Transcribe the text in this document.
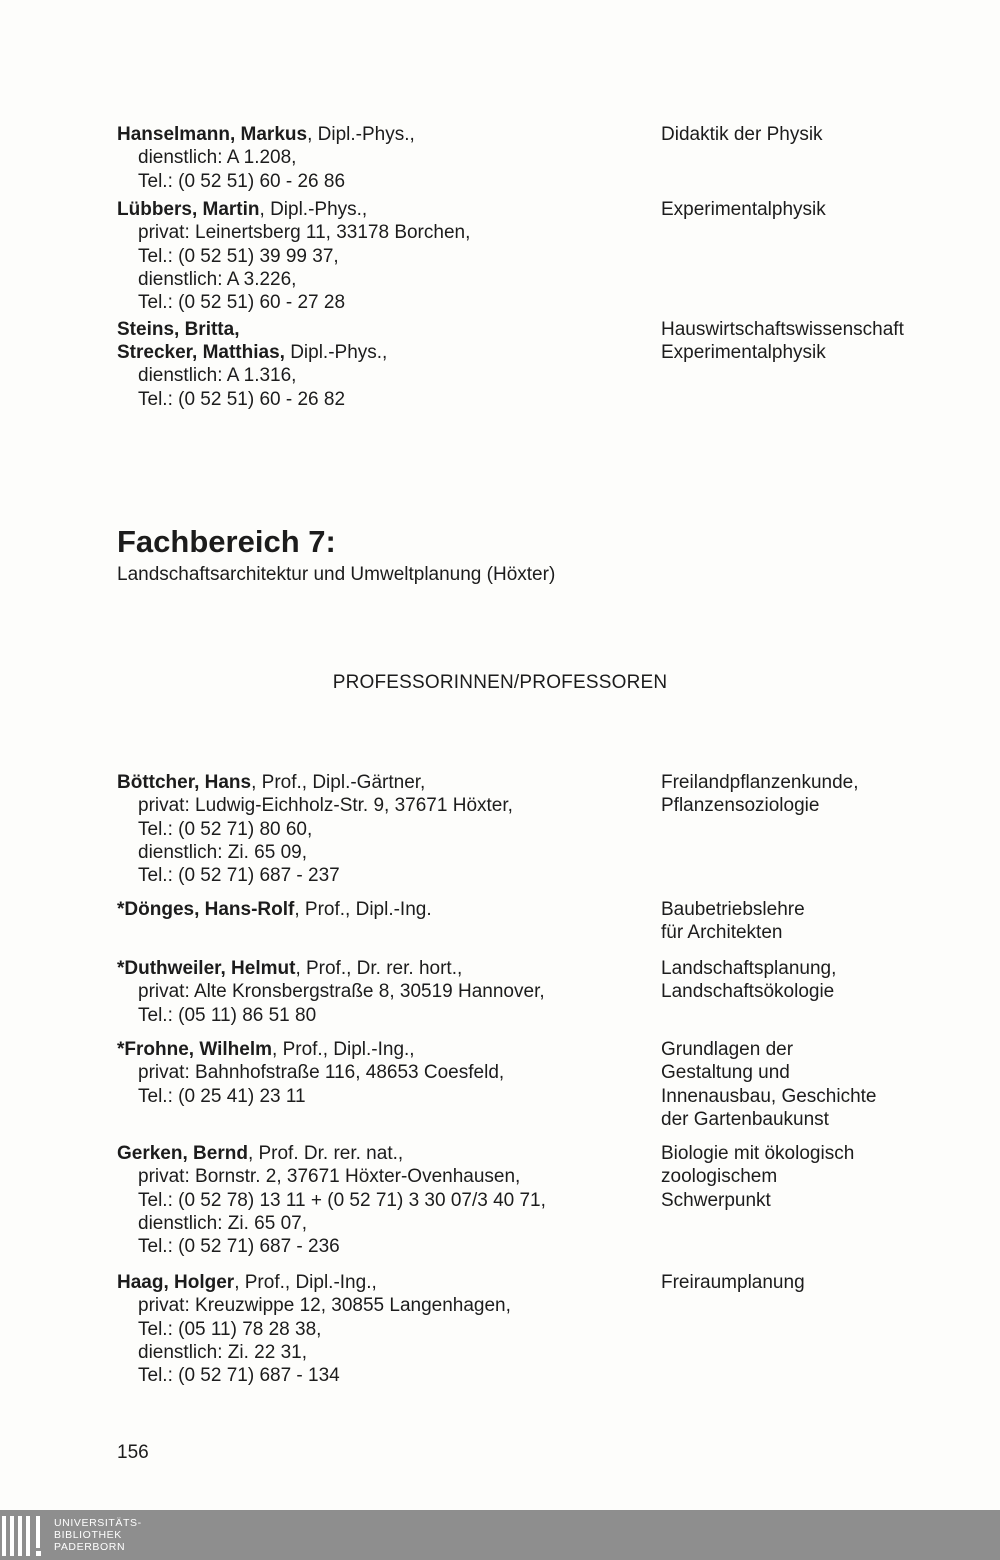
Hanselmann, Markus, Dipl.-Phys.,
dienstlich: A 1.208,
Tel.: (0 52 51) 60 - 26 86
Didaktik der Physik
Lübbers, Martin, Dipl.-Phys.,
privat: Leinertsberg 11, 33178 Borchen,
Tel.: (0 52 51) 39 99 37,
dienstlich: A 3.226,
Tel.: (0 52 51) 60 - 27 28
Experimentalphysik
Steins, Britta,	Hauswirtschaftswissenschaft
Strecker, Matthias, Dipl.-Phys.,
dienstlich: A 1.316,
Tel.: (0 52 51) 60 - 26 82
Experimentalphysik
Fachbereich 7:
Landschaftsarchitektur und Umweltplanung (Höxter)
PROFESSORINNEN/PROFESSOREN
Böttcher, Hans, Prof., Dipl.-Gärtner,
privat: Ludwig-Eichholz-Str. 9, 37671 Höxter,
Tel.: (0 52 71) 80 60,
dienstlich: Zi. 65 09,
Tel.: (0 52 71) 687 - 237
Freilandpflanzenkunde,
Pflanzensoziologie
*Dönges, Hans-Rolf, Prof., Dipl.-Ing.	Baubetriebslehre
für Architekten
*Duthweiler, Helmut, Prof., Dr. rer. hort.,
privat: Alte Kronsbergstraße 8, 30519 Hannover,
Tel.: (05 11) 86 51 80
Landschaftsplanung,
Landschaftsökologie
*Frohne, Wilhelm, Prof., Dipl.-Ing.,
privat: Bahnhofstraße 116, 48653 Coesfeld,
Tel.: (0 25 41) 23 11
Grundlagen der
Gestaltung und
Innenausbau, Geschichte
der Gartenbaukunst
Gerken, Bernd, Prof. Dr. rer. nat.,
privat: Bornstr. 2, 37671 Höxter-Ovenhausen,
Tel.: (0 52 78) 13 11 + (0 52 71) 3 30 07/3 40 71,
dienstlich: Zi. 65 07,
Tel.: (0 52 71) 687 - 236
Biologie mit ökologisch
zoologischem
Schwerpunkt
Haag, Holger, Prof., Dipl.-Ing.,
privat: Kreuzwippe 12, 30855 Langenhagen,
Tel.: (05 11) 78 28 38,
dienstlich: Zi. 22 31,
Tel.: (0 52 71) 687 - 134
Freiraumplanung
156
UNIVERSITÄTS-
BIBLIOTHEK
PADERBORN
